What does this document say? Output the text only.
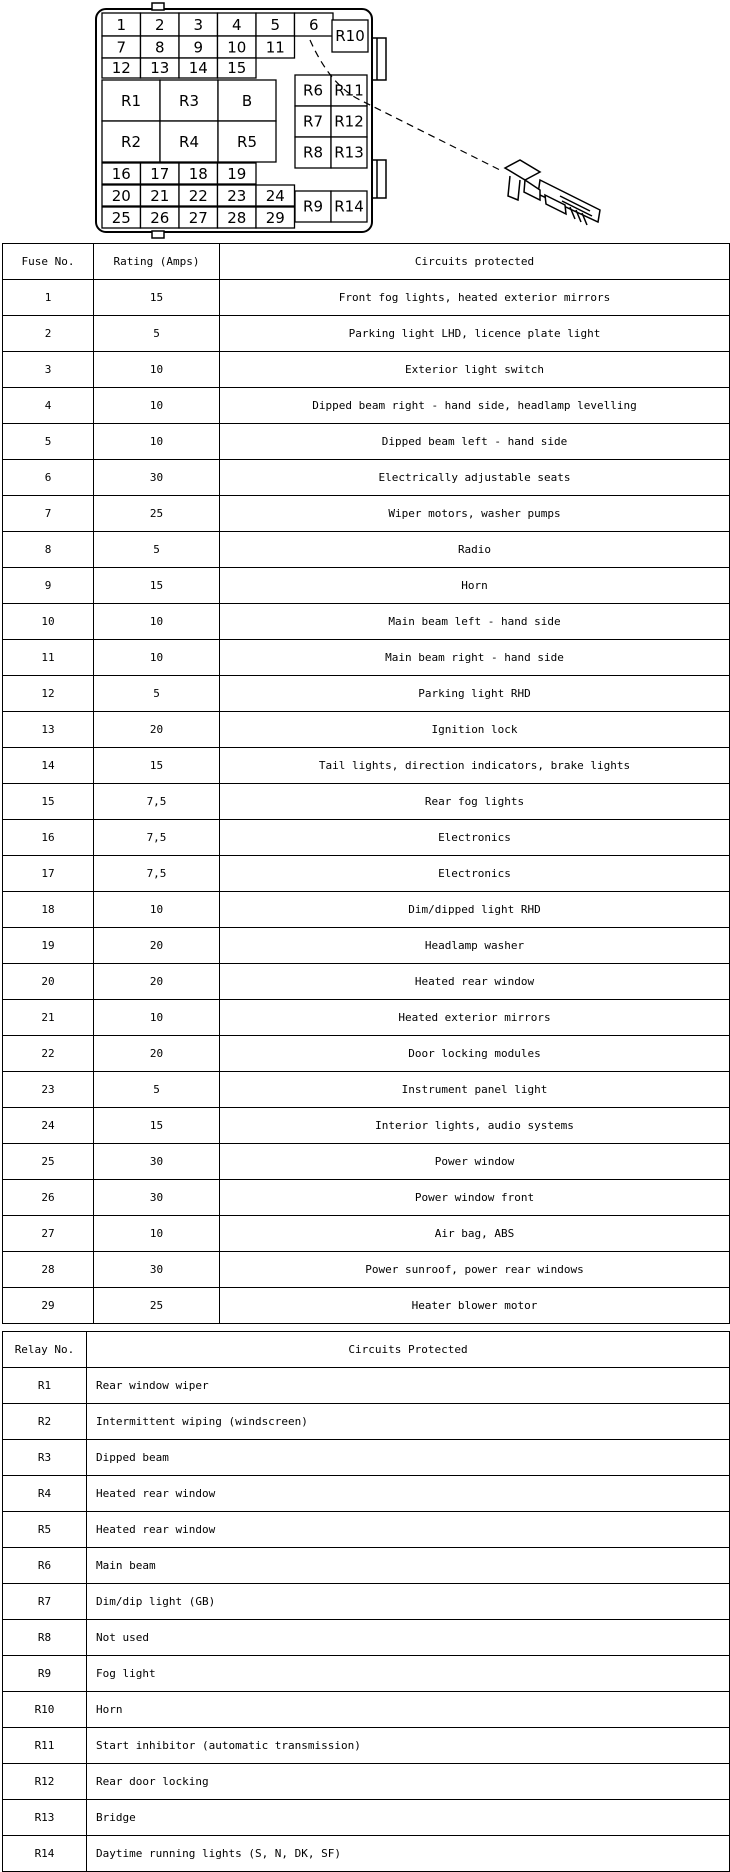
1 2 3 4 5 6
7 8 9 10 11
12 13 14 15
R1	R3	B
R2	R4	R5
16 17 18 19
20 21 22 23 24
25 26 27 28 29
R10
R6 R11
R7 R12
R8 R13
R9 R14
Fuse No.	Rating (Amps)	Circuits protected
1	15	Front fog lights, heated exterior mirrors
2	5	Parking light LHD, licence plate light
3	10	Exterior light switch
4	10	Dipped beam right - hand side, headlamp levelling
5	10	Dipped beam left - hand side
6	30	Electrically adjustable seats
7	25	Wiper motors, washer pumps
8	5	Radio
9	15	Horn
10	10	Main beam left - hand side
11	10	Main beam right - hand side
12	5	Parking light RHD
13	20	Ignition lock
14	15	Tail lights, direction indicators, brake lights
15	7,5	Rear fog lights
16	7,5	Electronics
17	7,5	Electronics
18	10	Dim/dipped light RHD
19	20	Headlamp washer
20	20	Heated rear window
21	10	Heated exterior mirrors
22	20	Door locking modules
23	5	Instrument panel light
24	15	Interior lights, audio systems
25	30	Power window
26	30	Power window front
27	10	Air bag, ABS
28	30	Power sunroof, power rear windows
29	25	Heater blower motor
Relay No.	Circuits Protected
R1	Rear window wiper
R2	Intermittent wiping (windscreen)
R3	Dipped beam
R4	Heated rear window
R5	Heated rear window
R6	Main beam
R7	Dim/dip light (GB)
R8	Not used
R9	Fog light
R10	Horn
R11	Start inhibitor (automatic transmission)
R12	Rear door locking
R13	Bridge
R14	Daytime running lights (S, N, DK, SF)
